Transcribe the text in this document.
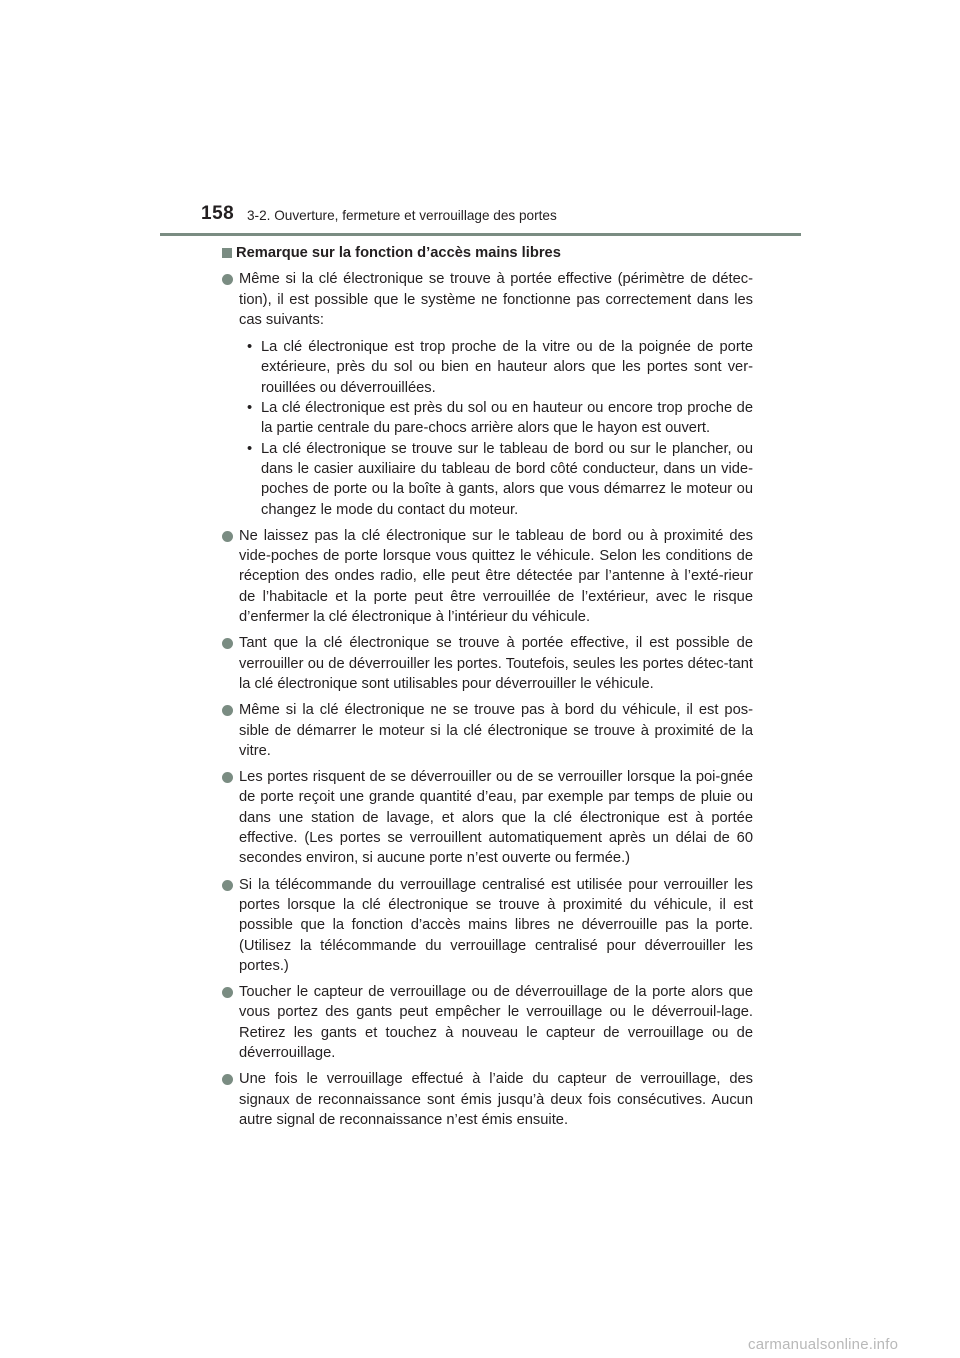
158 3-2. Ouverture, fermeture et verrouillage des portes
Remarque sur la fonction d’accès mains libres
Même si la clé électronique se trouve à portée effective (périmètre de détec-tion), il est possible que le système ne fonctionne pas correctement dans les cas suivants:
• La clé électronique est trop proche de la vitre ou de la poignée de porte extérieure, près du sol ou bien en hauteur alors que les portes sont ver-rouillées ou déverrouillées.
• La clé électronique est près du sol ou en hauteur ou encore trop proche de la partie centrale du pare-chocs arrière alors que le hayon est ouvert.
• La clé électronique se trouve sur le tableau de bord ou sur le plancher, ou dans le casier auxiliaire du tableau de bord côté conducteur, dans un vide-poches de porte ou la boîte à gants, alors que vous démarrez le moteur ou changez le mode du contact du moteur.
Ne laissez pas la clé électronique sur le tableau de bord ou à proximité des vide-poches de porte lorsque vous quittez le véhicule. Selon les conditions de réception des ondes radio, elle peut être détectée par l’antenne à l’exté-rieur de l’habitacle et la porte peut être verrouillée de l’extérieur, avec le risque d’enfermer la clé électronique à l’intérieur du véhicule.
Tant que la clé électronique se trouve à portée effective, il est possible de verrouiller ou de déverrouiller les portes. Toutefois, seules les portes détec-tant la clé électronique sont utilisables pour déverrouiller le véhicule.
Même si la clé électronique ne se trouve pas à bord du véhicule, il est pos-sible de démarrer le moteur si la clé électronique se trouve à proximité de la vitre.
Les portes risquent de se déverrouiller ou de se verrouiller lorsque la poi-gnée de porte reçoit une grande quantité d’eau, par exemple par temps de pluie ou dans une station de lavage, et alors que la clé électronique est à portée effective. (Les portes se verrouillent automatiquement après un délai de 60 secondes environ, si aucune porte n’est ouverte ou fermée.)
Si la télécommande du verrouillage centralisé est utilisée pour verrouiller les portes lorsque la clé électronique se trouve à proximité du véhicule, il est possible que la fonction d’accès mains libres ne déverrouille pas la porte. (Utilisez la télécommande du verrouillage centralisé pour déverrouiller les portes.)
Toucher le capteur de verrouillage ou de déverrouillage de la porte alors que vous portez des gants peut empêcher le verrouillage ou le déverrouil-lage. Retirez les gants et touchez à nouveau le capteur de verrouillage ou de déverrouillage.
Une fois le verrouillage effectué à l’aide du capteur de verrouillage, des signaux de reconnaissance sont émis jusqu’à deux fois consécutives. Aucun autre signal de reconnaissance n’est émis ensuite.
carmanualsonline.info
